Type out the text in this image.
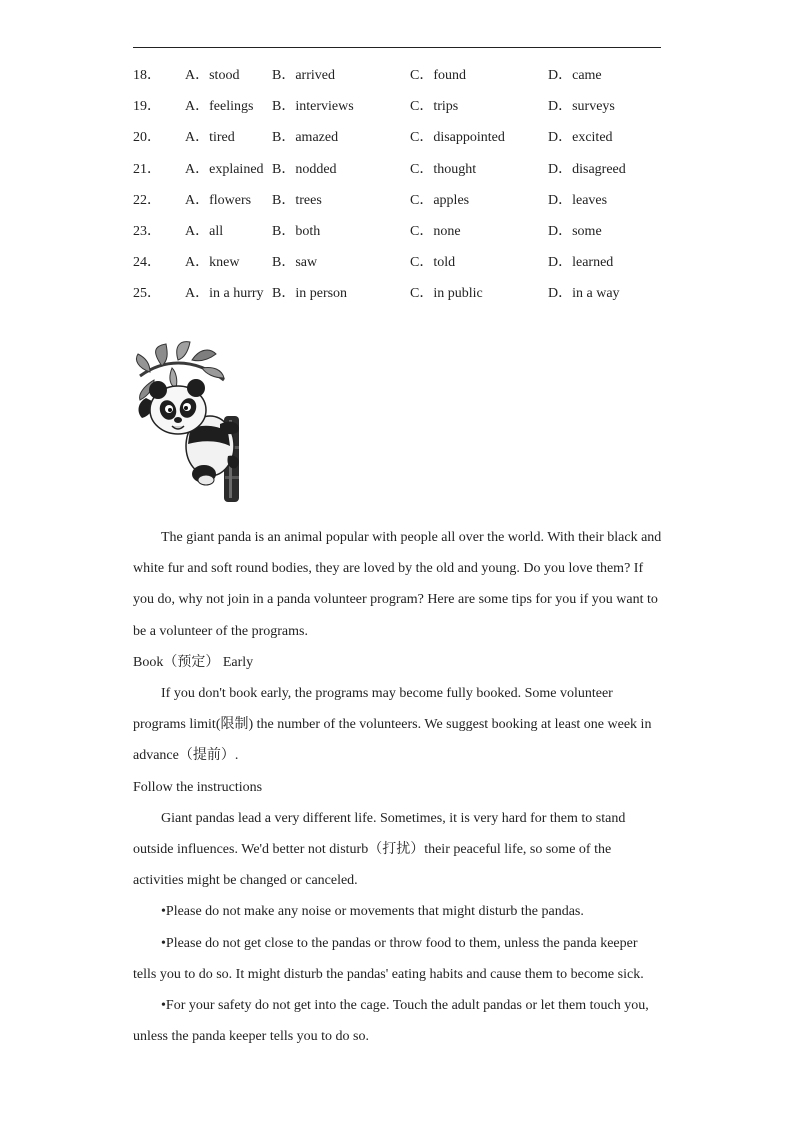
18． A．stood B．arrived	C．found	D．came
19． A．feelings B．interviews	C．trips	D．surveys
20． A．tired	B．amazed	C．disappointed	D．excited
21． A．explained B．nodded	C．thought	D．disagreed
22． A．flowers B．trees	C．apples	D．leaves
23． A．all	B．both	C．none	D．some
24． A．knew B．saw	C．told	D．learned
25． A．in a hurry B．in person	C．in public	D．in a way

The giant panda is an animal popular with people all over the world. With their black and white fur and soft round bodies, they are loved by the old and young. Do you love them? If you do, why not join in a panda volunteer program? Here are some tips for you if you want to be a volunteer of the programs.

Book（预定） Early

If you don't book early, the programs may become fully booked. Some volunteer programs limit(限制) the number of the volunteers. We suggest booking at least one week in advance（提前）.

Follow the instructions

Giant pandas lead a very different life. Sometimes, it is very hard for them to stand outside influences. We'd better not disturb（打扰）their peaceful life, so some of the activities might be changed or canceled.

•Please do not make any noise or movements that might disturb the pandas.

•Please do not get close to the pandas or throw food to them, unless the panda keeper

tells you to do so. It might disturb the pandas' eating habits and cause them to become sick.

•For your safety do not get into the cage. Touch the adult pandas or let them touch you,

unless the panda keeper tells you to do so.
